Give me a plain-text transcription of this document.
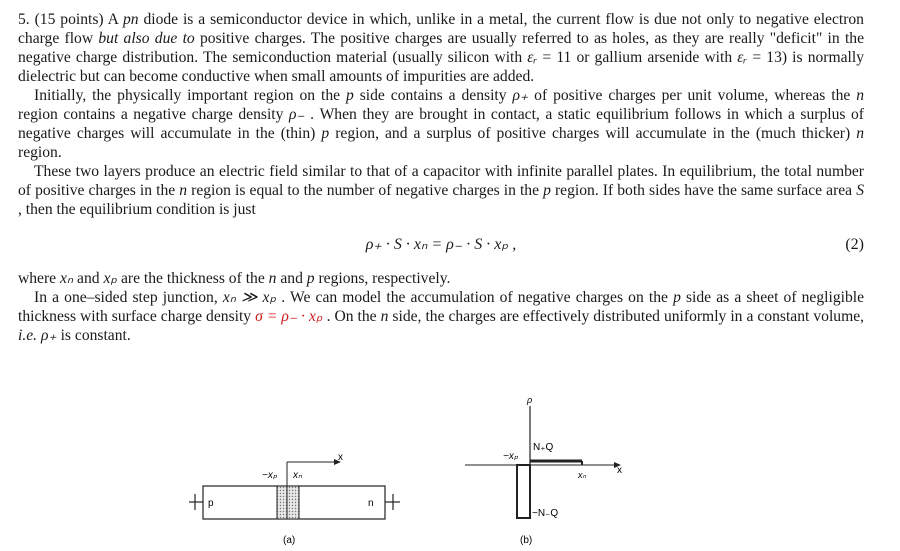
5. (15 points) A pn diode is a semiconductor device in which, unlike in a metal, the current flow is due not only to negative electron charge flow but also due to positive charges. The positive charges are usually referred to as holes, as they are really "deficit" in the negative charge distribution. The semiconduction material (usually silicon with εᵣ = 11 or gallium arsenide with εᵣ = 13) is normally dielectric but can become conductive when small amounts of impurities are added.

Initially, the physically important region on the p side contains a density ρ₊ of positive charges per unit volume, whereas the n region contains a negative charge density ρ₋ . When they are brought in contact, a static equilibrium follows in which a surplus of negative charges will accumulate in the (thin) p region, and a surplus of positive charges will accumulate in the (much thicker) n region.

These two layers produce an electric field similar to that of a capacitor with infinite parallel plates. In equilibrium, the total number of positive charges in the n region is equal to the number of negative charges in the p region. If both sides have the same surface area S , then the equilibrium condition is just

ρ₊ · S · xₙ = ρ₋ · S · xₚ ,	(2)

where xₙ and xₚ are the thickness of the n and p regions, respectively.

In a one–sided step junction, xₙ ≫ xₚ . We can model the accumulation of negative charges on the p side as a sheet of negligible thickness with surface charge density σ = ρ₋ · xₚ . On the n side, the charges are effectively distributed uniformly in a constant volume, i.e. ρ₊ is constant.

x
−xₚ xₙ
p	n
(a)
ρ
x
−xₚ
N₊Q
xₙ
−N₋Q
(b)
